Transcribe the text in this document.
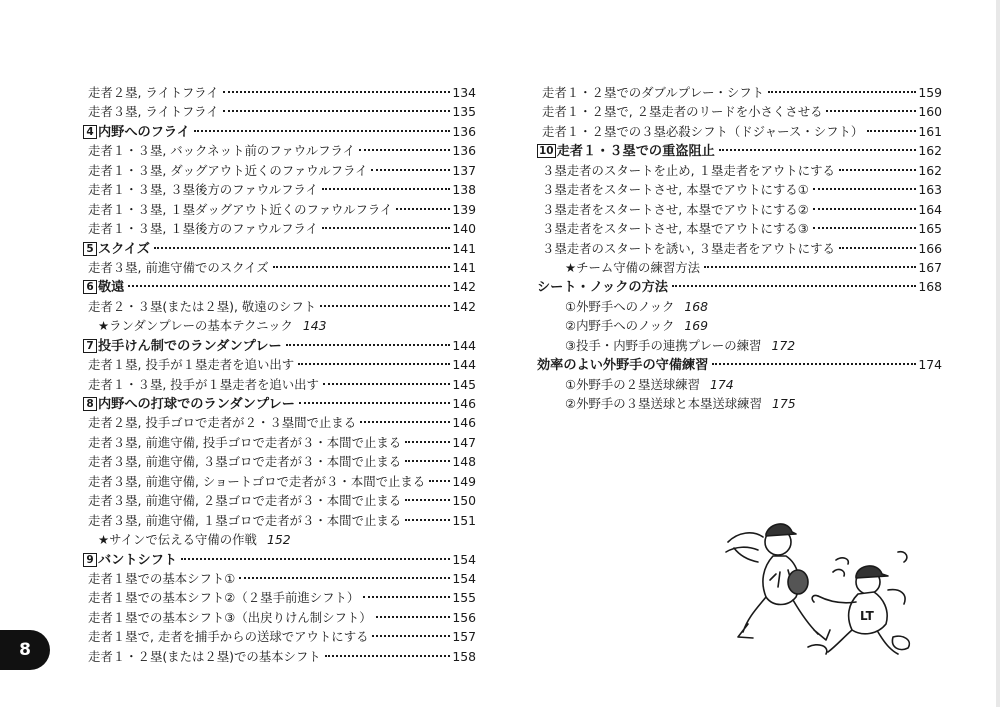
走者２塁, ライトフライ	134
走者３塁, ライトフライ	135
4 内野へのフライ	136
走者１・３塁, バックネット前のファウルフライ	136
走者１・３塁, ダッグアウト近くのファウルフライ	137
走者１・３塁, ３塁後方のファウルフライ	138
走者１・３塁, １塁ダッグアウト近くのファウルフライ	139
走者１・３塁, １塁後方のファウルフライ	140
5 スクイズ	141
走者３塁, 前進守備でのスクイズ	141
6 敬遠	142
走者２・３塁(または２塁), 敬遠のシフト	142
★ランダンプレーの基本テクニック 143
7 投手けん制でのランダンプレー	144
走者１塁, 投手が１塁走者を追い出す	144
走者１・３塁, 投手が１塁走者を追い出す	145
8 内野への打球でのランダンプレー	146
走者２塁, 投手ゴロで走者が２・３塁間で止まる	146
走者３塁, 前進守備, 投手ゴロで走者が３・本間で止まる	147
走者３塁, 前進守備, ３塁ゴロで走者が３・本間で止まる	148
走者３塁, 前進守備, ショートゴロで走者が３・本間で止まる 149
走者３塁, 前進守備, ２塁ゴロで走者が３・本間で止まる	150
走者３塁, 前進守備, １塁ゴロで走者が３・本間で止まる	151
★サインで伝える守備の作戦 152
9 バントシフト	154
走者１塁での基本シフト①	154
走者１塁での基本シフト②（２塁手前進シフト）	155
走者１塁での基本シフト③（出戻りけん制シフト）	156
走者１塁で, 走者を捕手からの送球でアウトにする	157
走者１・２塁(または２塁)での基本シフト	158
走者１・２塁でのダブルプレー・シフト	159
走者１・２塁で, ２塁走者のリードを小さくさせる	160
走者１・２塁での３塁必殺シフト（ドジャース・シフト）	161
10 走者１・３塁での重盗阻止	162
３塁走者のスタートを止め, １塁走者をアウトにする	162
３塁走者をスタートさせ, 本塁でアウトにする①	163
３塁走者をスタートさせ, 本塁でアウトにする②	164
３塁走者をスタートさせ, 本塁でアウトにする③	165
３塁走者のスタートを誘い, ３塁走者をアウトにする	166
★チーム守備の練習方法	167
シート・ノックの方法	168
①外野手へのノック 168
②内野手へのノック 169
③投手・内野手の連携プレーの練習 172
効率のよい外野手の守備練習	174
①外野手の２塁送球練習 174
②外野手の３塁送球と本塁送球練習 175
8
LT
